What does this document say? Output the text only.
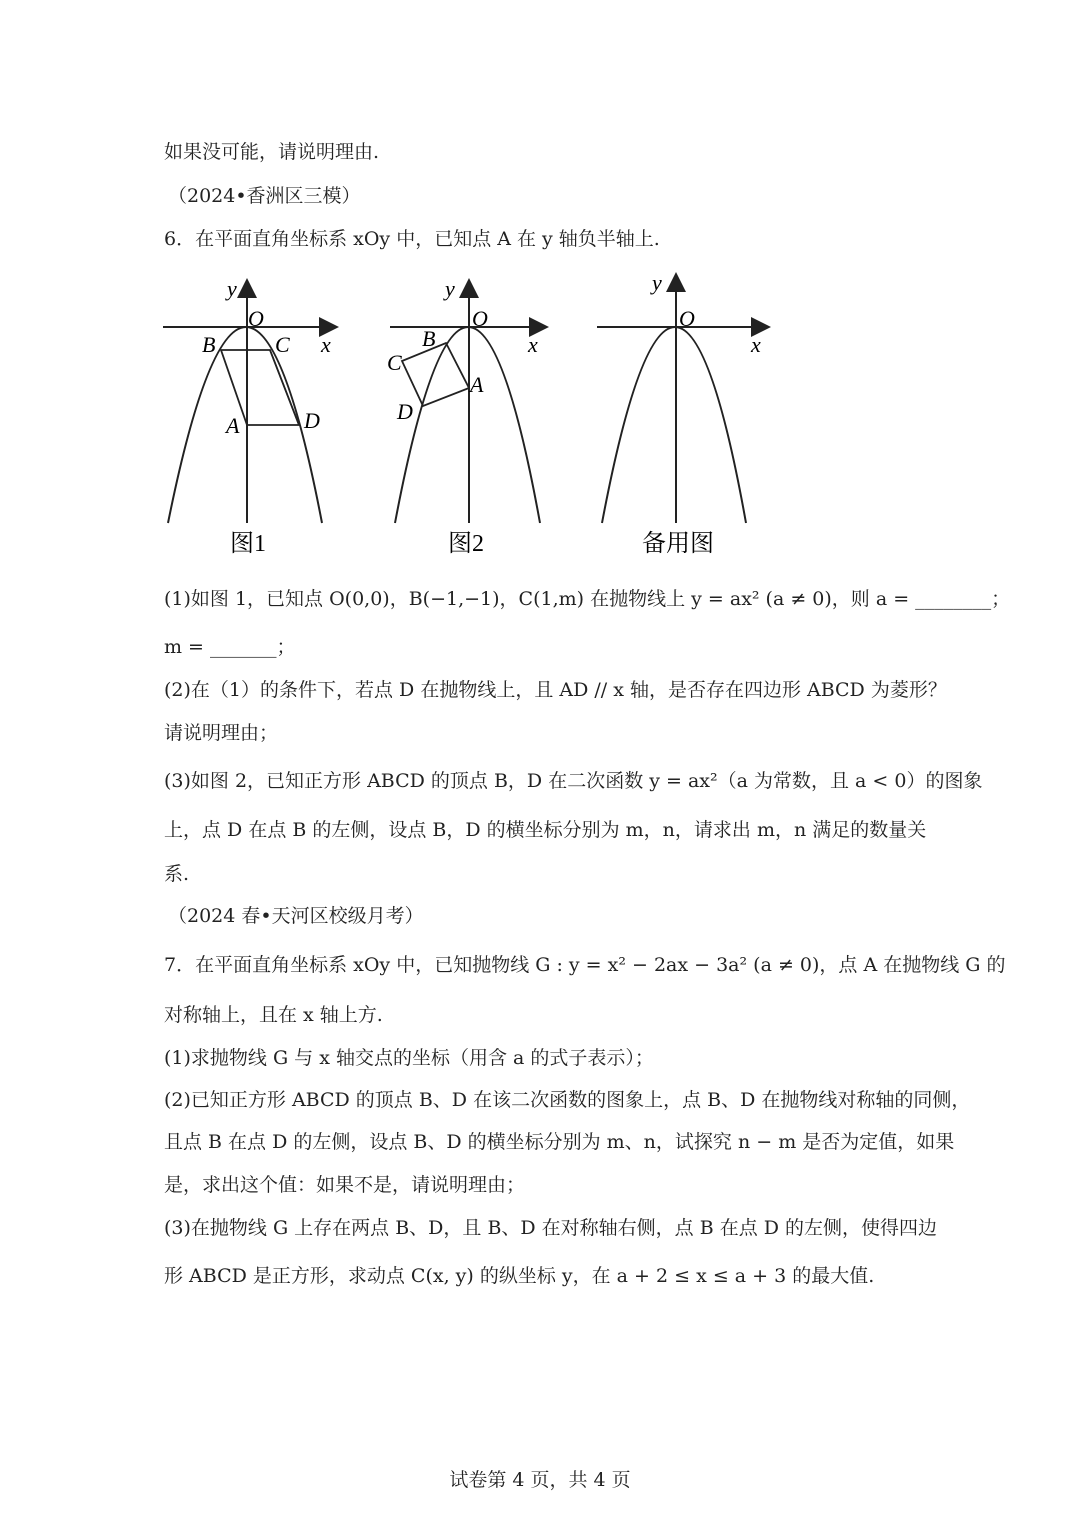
如果没可能，请说明理由.
（2024•香洲区三模）
6．在平面直角坐标系 xOy 中，已知点 A 在 y 轴负半轴上.
y
O
x
B	C
A	D
图1
y
O
x
B
C
A
D
图2
y
O
x
备用图
(1)如图 1，已知点 O(0,0)，B(−1,−1)，C(1,m) 在抛物线上 y = ax² (a ≠ 0)，则 a = ________；
m = _______；
(2)在（1）的条件下，若点 D 在抛物线上，且 AD // x 轴，是否存在四边形 ABCD 为菱形？
请说明理由；
(3)如图 2，已知正方形 ABCD 的顶点 B，D 在二次函数 y = ax²（a 为常数，且 a < 0）的图象
上，点 D 在点 B 的左侧，设点 B，D 的横坐标分别为 m，n，请求出 m，n 满足的数量关
系.
（2024 春•天河区校级月考）
7．在平面直角坐标系 xOy 中，已知抛物线 G : y = x² − 2ax − 3a² (a ≠ 0)，点 A 在抛物线 G 的
对称轴上，且在 x 轴上方.
(1)求抛物线 G 与 x 轴交点的坐标（用含 a 的式子表示）；
(2)已知正方形 ABCD 的顶点 B、D 在该二次函数的图象上，点 B、D 在抛物线对称轴的同侧，
且点 B 在点 D 的左侧，设点 B、D 的横坐标分别为 m、n，试探究 n − m 是否为定值，如果
是，求出这个值：如果不是，请说明理由；
(3)在抛物线 G 上存在两点 B、D，且 B、D 在对称轴右侧，点 B 在点 D 的左侧，使得四边
形 ABCD 是正方形，求动点 C(x, y) 的纵坐标 y，在 a + 2 ≤ x ≤ a + 3 的最大值.
试卷第 4 页，共 4 页
